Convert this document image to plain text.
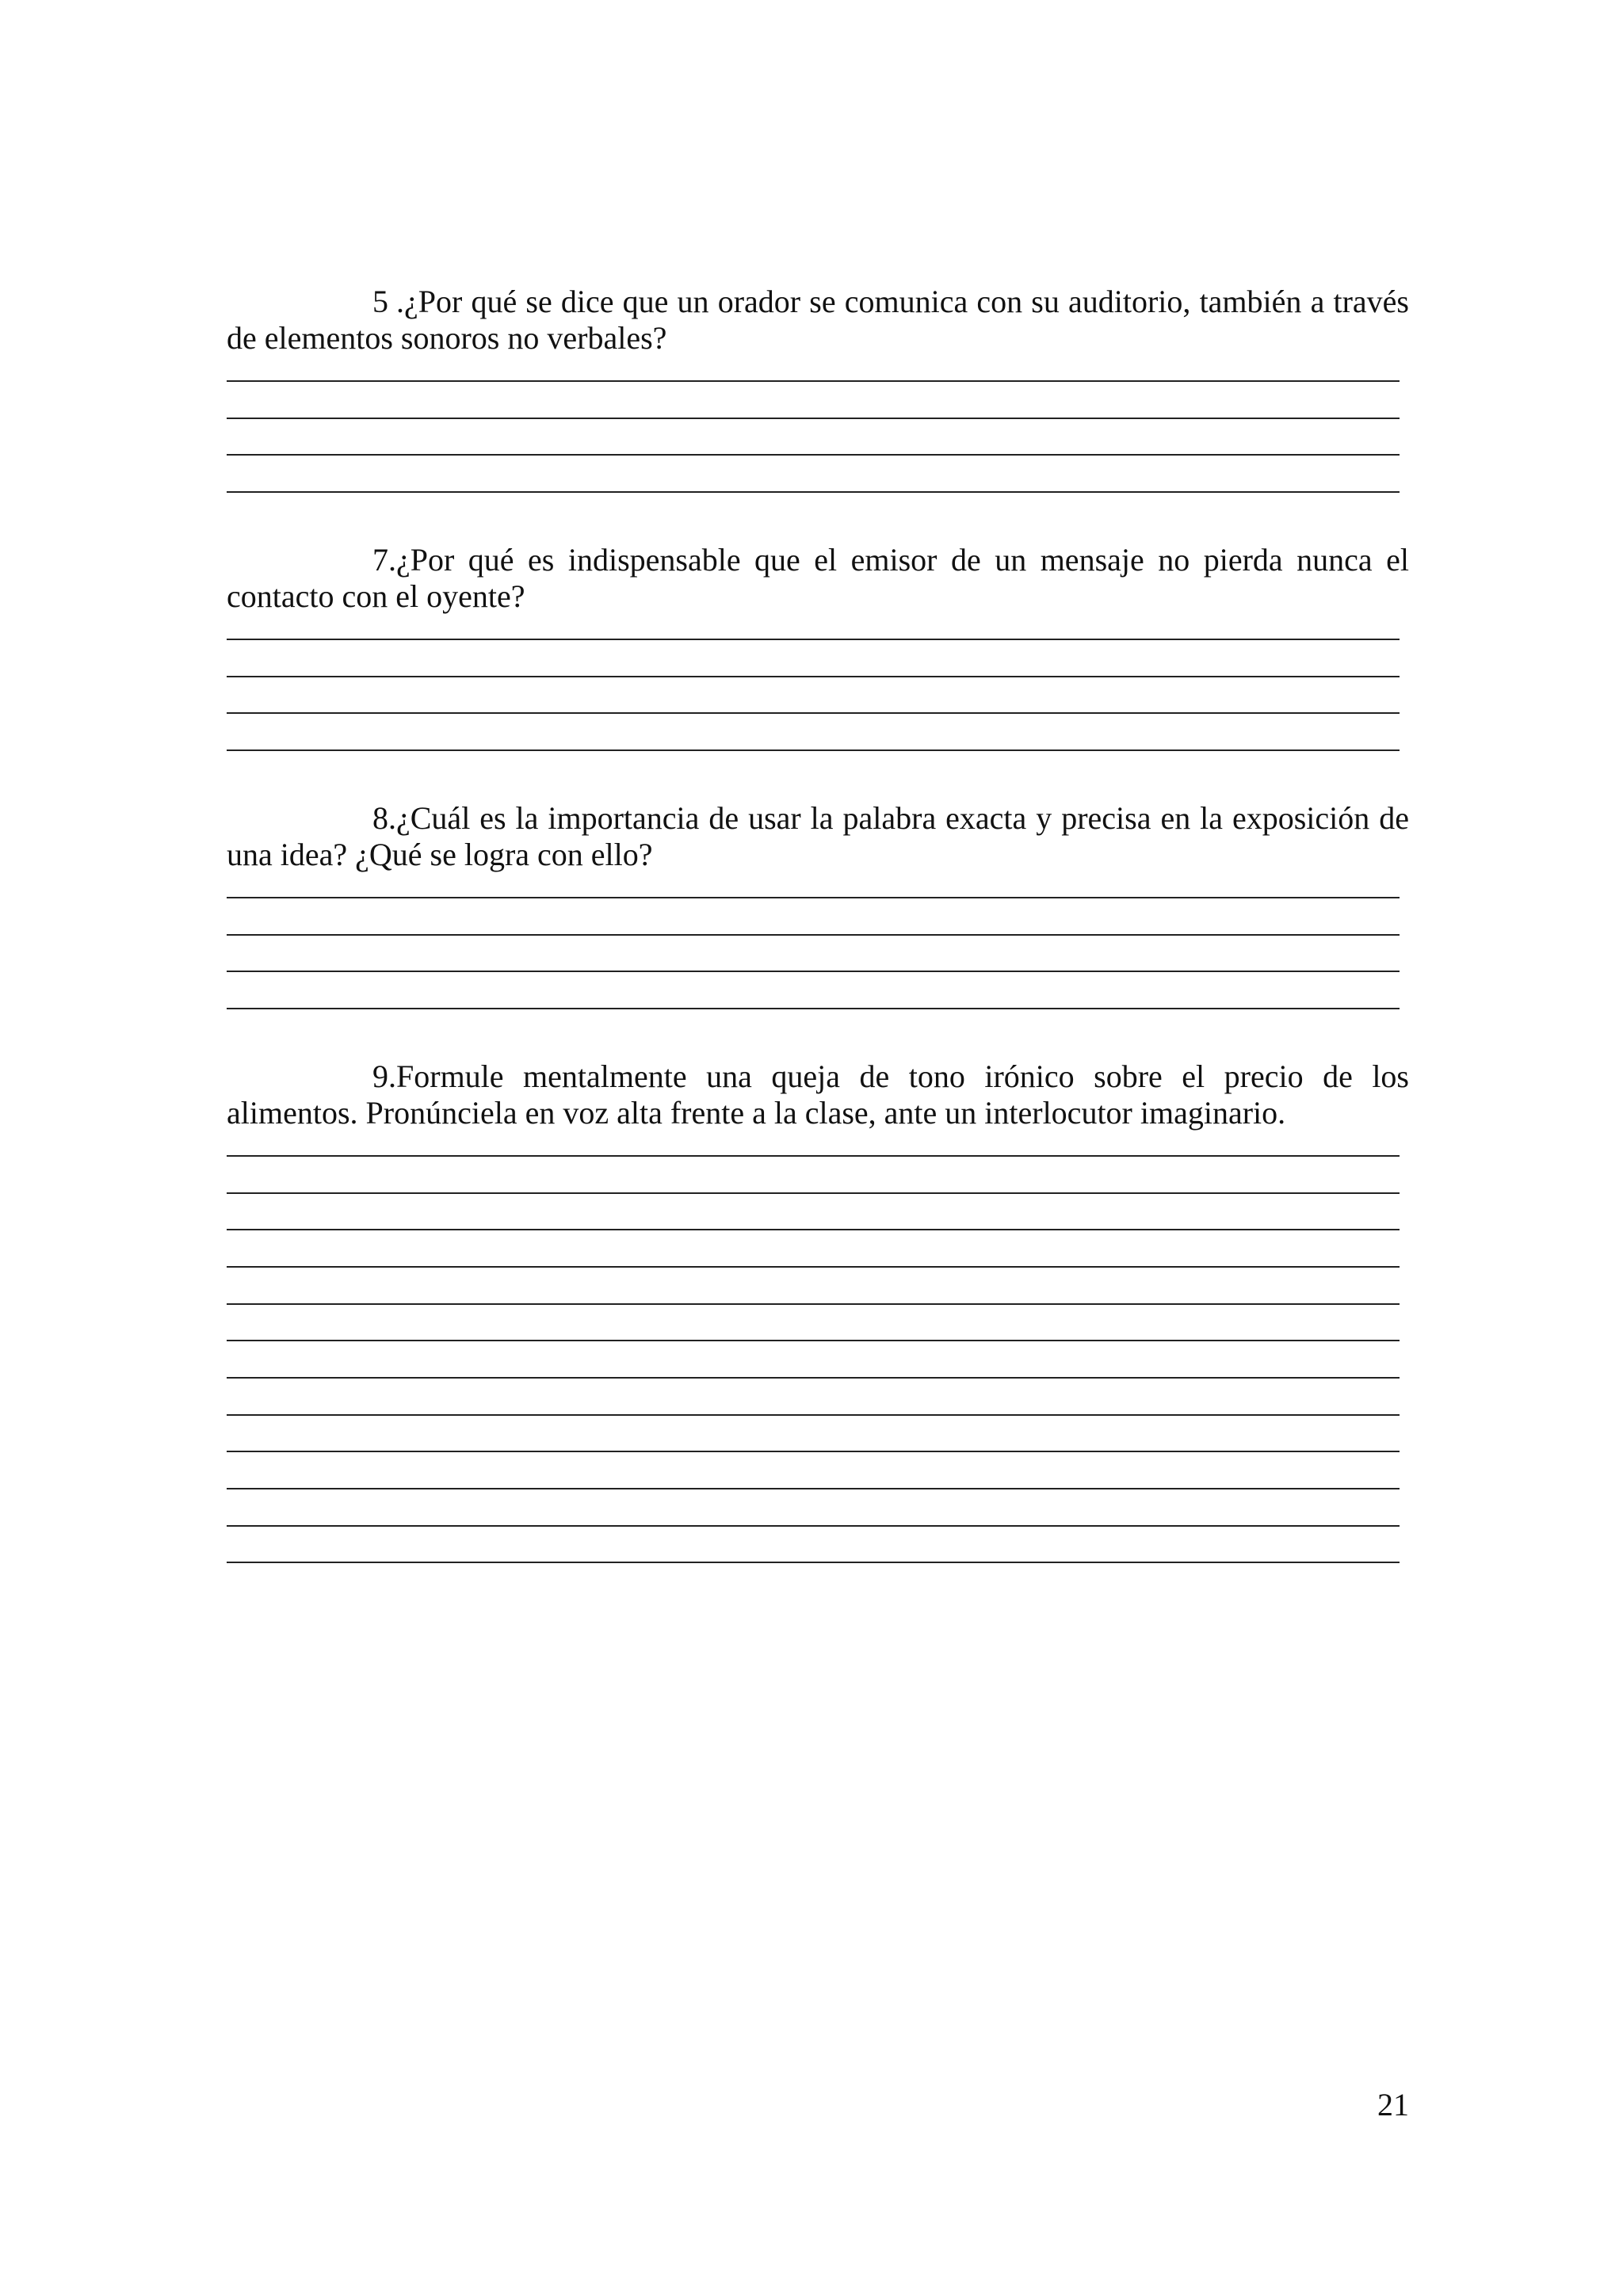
5 .¿Por qué se dice que un orador se comunica con su auditorio, también a través de elementos sonoros no verbales?

7.¿Por qué es indispensable que el emisor de un mensaje no pierda nunca el contacto con el oyente?

8.¿Cuál es la importancia de usar la palabra exacta y precisa en la exposición de una idea? ¿Qué se logra con ello?

9.Formule mentalmente una queja de tono irónico sobre el precio de los alimentos. Pronúnciela en voz alta frente a la clase, ante un interlocutor imaginario.

21
